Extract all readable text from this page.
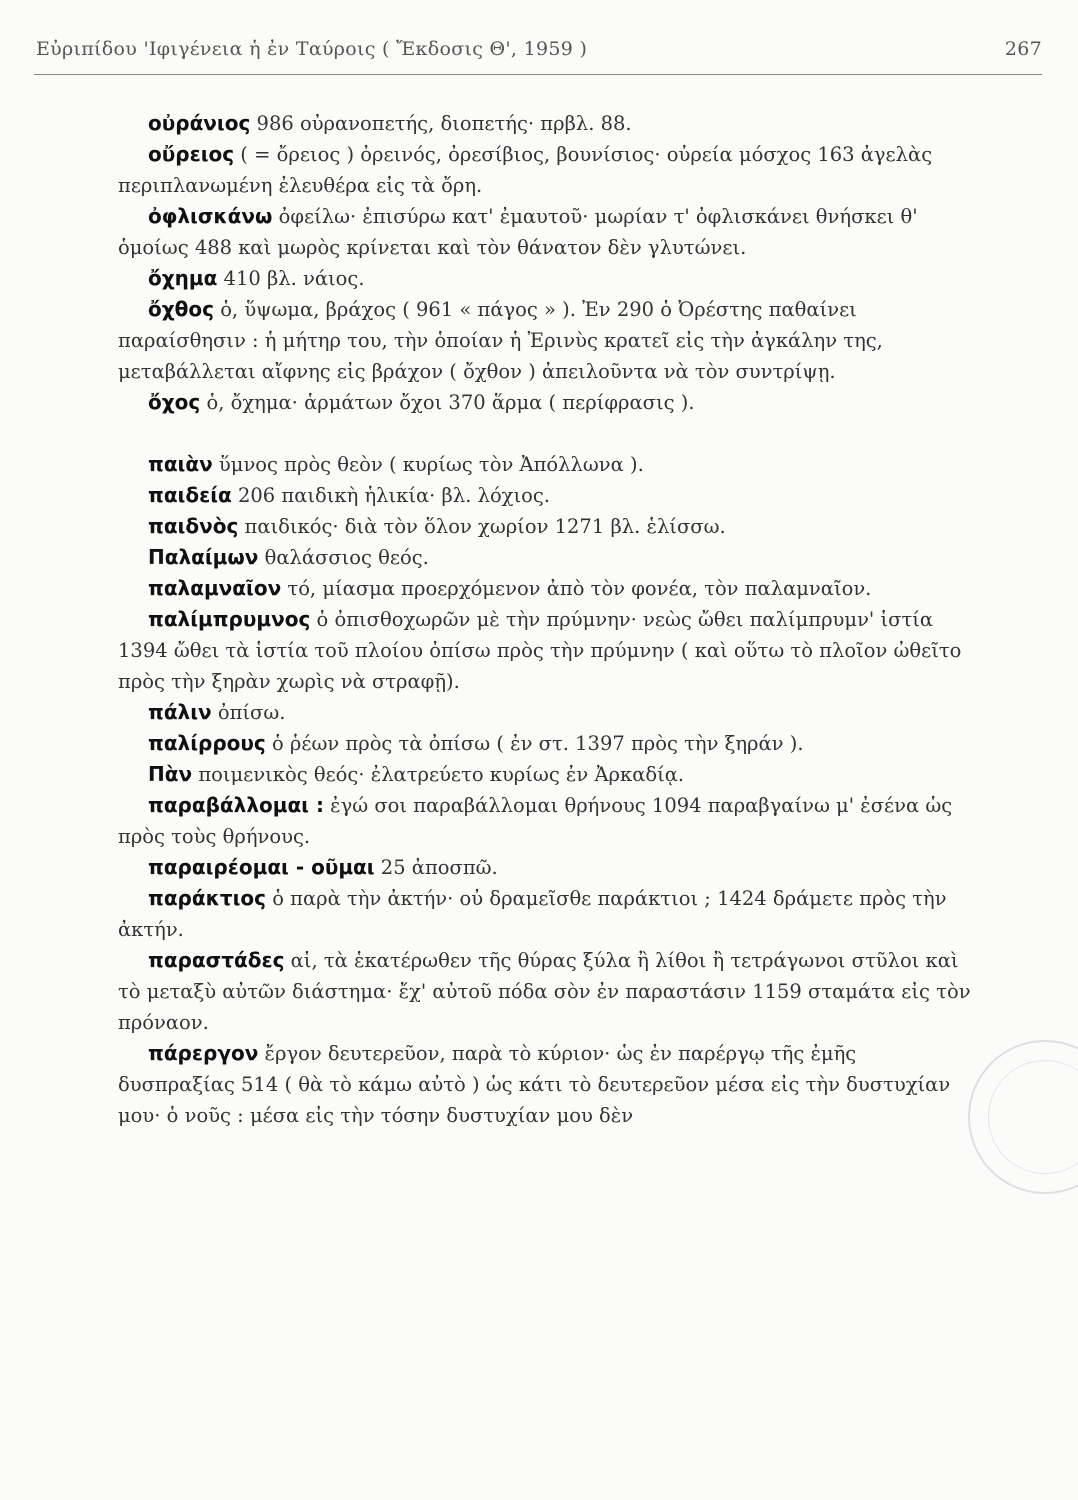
Εὐριπίδου 'Ιφιγένεια ἡ ἐν Ταύροις ( Ἔκδοσις Θ', 1959 )	267

οὐράνιος 986 οὐρανοπετής, διοπετής· πρβλ. 88.

οὔρειος ( = ὄρειος ) ὀρεινός, ὀρεσίβιος, βουνίσιος· οὐρεία μόσχος 163 ἀγελὰς περιπλανωμένη ἐλευθέρα εἰς τὰ ὄρη.

ὀφλισκάνω ὀφείλω· ἐπισύρω κατ' ἐμαυτοῦ· μωρίαν τ' ὀφλισκάνει θνήσκει θ' ὁμοίως 488 καὶ μωρὸς κρίνεται καὶ τὸν θάνατον δὲν γλυτώνει.

ὄχημα 410 βλ. νάιος.

ὄχθος ὁ, ὕψωμα, βράχος ( 961 « πάγος » ). Ἐν 290 ὁ Ὀρέστης παθαίνει παραίσθησιν : ἡ μήτηρ του, τὴν ὁποίαν ἡ Ἐρινὺς κρατεῖ εἰς τὴν ἀγκάλην της, μεταβάλλεται αἴφνης εἰς βράχον ( ὄχθον ) ἀπειλοῦντα νὰ τὸν συντρίψῃ.

ὄχος ὁ, ὄχημα· ἁρμάτων ὄχοι 370 ἅρμα ( περίφρασις ).

παιὰν ὕμνος πρὸς θεὸν ( κυρίως τὸν Ἀπόλλωνα ).

παιδεία 206 παιδικὴ ἡλικία· βλ. λόχιος.

παιδνὸς παιδικός· διὰ τὸν ὅλον χωρίον 1271 βλ. ἑλίσσω.

Παλαίμων θαλάσσιος θεός.

παλαμναῖον τό, μίασμα προερχόμενον ἀπὸ τὸν φονέα, τὸν παλαμναῖον.

παλίμπρυμνος ὁ ὀπισθοχωρῶν μὲ τὴν πρύμνην· νεὼς ὤθει παλίμπρυμν' ἱστία 1394 ὤθει τὰ ἱστία τοῦ πλοίου ὀπίσω πρὸς τὴν πρύμνην ( καὶ οὕτω τὸ πλοῖον ὠθεῖτο πρὸς τὴν ξηρὰν χωρὶς νὰ στραφῇ).

πάλιν ὀπίσω.

παλίρρους ὁ ῥέων πρὸς τὰ ὀπίσω ( ἐν στ. 1397 πρὸς τὴν ξηράν ).

Πὰν ποιμενικὸς θεός· ἐλατρεύετο κυρίως ἐν Ἀρκαδίᾳ.

παραβάλλομαι : ἐγώ σοι παραβάλλομαι θρήνους 1094 παραβγαίνω μ' ἐσένα ὡς πρὸς τοὺς θρήνους.

παραιρέομαι - οῦμαι 25 ἀποσπῶ.

παράκτιος ὁ παρὰ τὴν ἀκτήν· οὐ δραμεῖσθε παράκτιοι ; 1424 δράμετε πρὸς τὴν ἀκτήν.

παραστάδες αἱ, τὰ ἑκατέρωθεν τῆς θύρας ξύλα ἢ λίθοι ἢ τετράγωνοι στῦλοι καὶ τὸ μεταξὺ αὐτῶν διάστημα· ἔχ' αὐτοῦ πόδα σὸν ἐν παραστάσιν 1159 σταμάτα εἰς τὸν πρόναον.

πάρεργον ἔργον δευτερεῦον, παρὰ τὸ κύριον· ὡς ἐν παρέργῳ τῆς ἐμῆς δυσπραξίας 514 ( θὰ τὸ κάμω αὐτὸ ) ὡς κάτι τὸ δευτερεῦον μέσα εἰς τὴν δυστυχίαν μου· ὁ νοῦς : μέσα εἰς τὴν τόσην δυστυχίαν μου δὲν
